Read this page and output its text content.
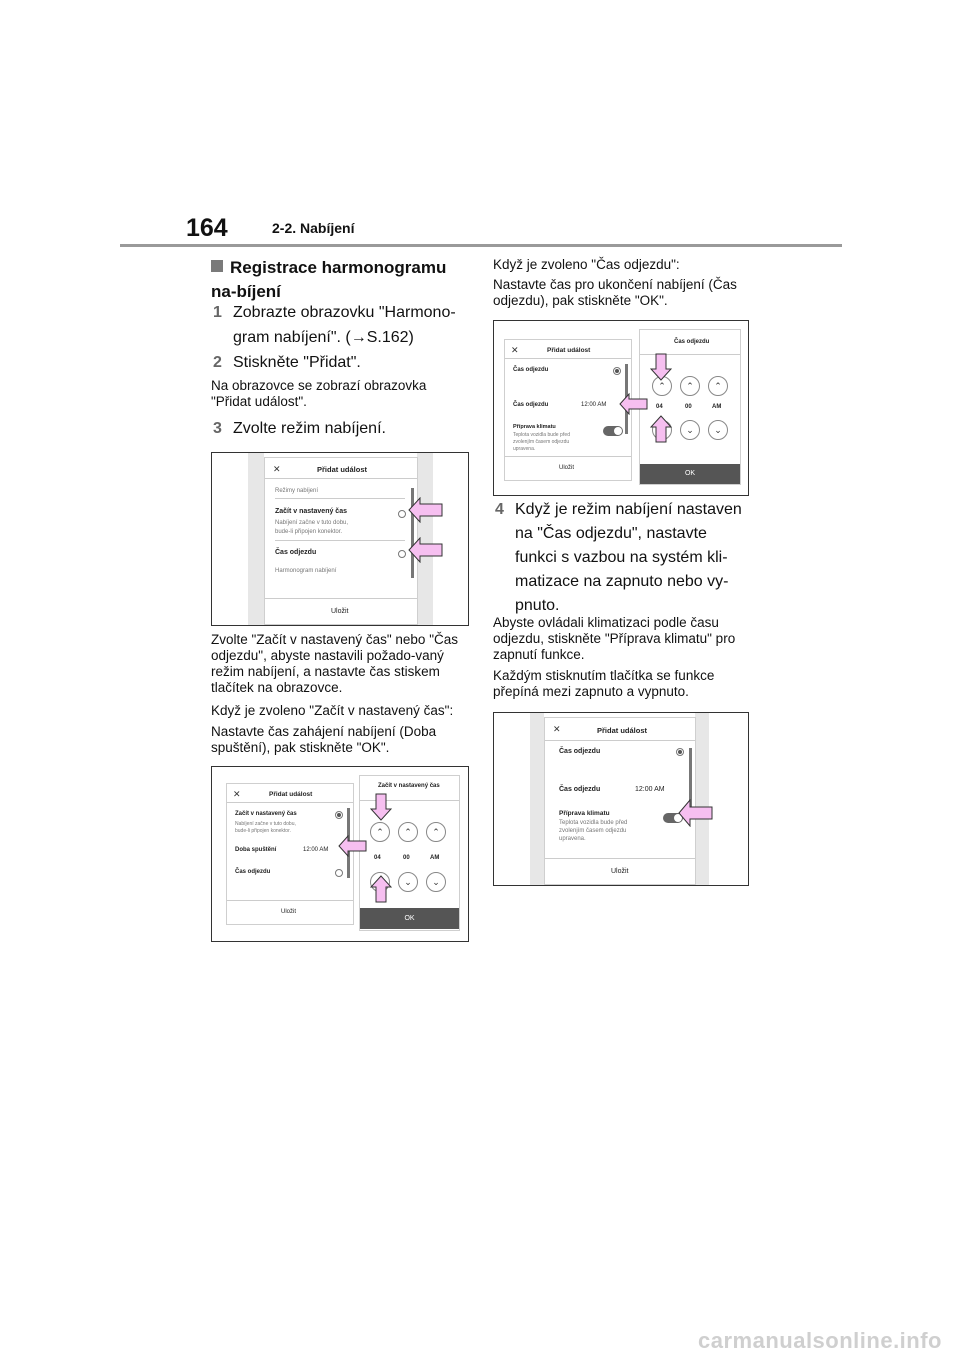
164	2-2. Nabíjení
Registrace harmonogramu na-bíjení
1 Zobrazte obrazovku "Harmono-gram nabíjení". (→S.162)
2 Stiskněte "Přidat".
Na obrazovce se zobrazí obrazovka "Přidat událost".
3 Zvolte režim nabíjení.
✕	Přidat událost
Režimy nabíjení
Začít v nastavený čas
Nabíjení začne v tuto dobu,
bude-li připojen konektor.
Čas odjezdu
Harmonogram nabíjení
Uložit
Zvolte "Začít v nastavený čas" nebo "Čas odjezdu", abyste nastavili požado-vaný režim nabíjení, a nastavte čas stiskem tlačítek na obrazovce.
Když je zvoleno "Začít v nastavený čas":
Nastavte čas zahájení nabíjení (Doba spuštění), pak stiskněte "OK".
✕	Přidat událost
Začít v nastavený čas
Nabíjení začne v tuto dobu,
bude-li připojen konektor.
Doba spuštění	12:00 AM
Čas odjezdu
Uložit
Začít v nastavený čas
⌃	⌃	⌃
04	00	AM
⌄	⌄
OK
Když je zvoleno "Čas odjezdu":
Nastavte čas pro ukončení nabíjení (Čas odjezdu), pak stiskněte "OK".
✕	Přidat událost
Čas odjezdu
Čas odjezdu	12:00 AM
Příprava klimatu
Teplota vozidla bude před
zvolenjím časem odjezdu
upravena.
Uložit
Čas odjezdu
⌃	⌃	⌃
04	00	AM
⌄	⌄
OK
4 Když je režim nabíjení nastaven na "Čas odjezdu", nastavte funkci s vazbou na systém kli-matizace na zapnuto nebo vy-pnuto.
Abyste ovládali klimatizaci podle času odjezdu, stiskněte "Příprava klimatu" pro zapnutí funkce.
Každým stisknutím tlačítka se funkce přepíná mezi zapnuto a vypnuto.
✕	Přidat událost
Čas odjezdu
Čas odjezdu	12:00 AM
Příprava klimatu
Teplota vozidla bude před
zvolenjím časem odjezdu
upravena.
Uložit
carmanualsonline.info
